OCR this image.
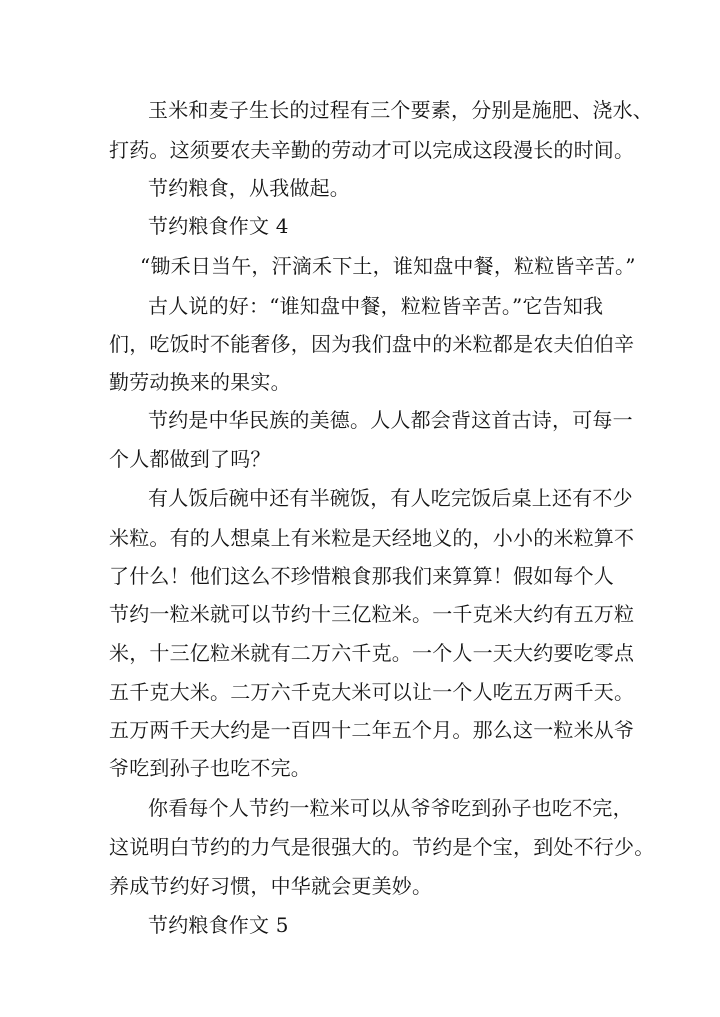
玉米和麦子生长的过程有三个要素，分别是施肥、浇水、
打药。这须要农夫辛勤的劳动才可以完成这段漫长的时间。
节约粮食，从我做起。
节约粮食作文 4
“锄禾日当午，汗滴禾下土，谁知盘中餐，粒粒皆辛苦。”
古人说的好：“谁知盘中餐，粒粒皆辛苦。”它告知我
们，吃饭时不能奢侈，因为我们盘中的米粒都是农夫伯伯辛
勤劳动换来的果实。
节约是中华民族的美德。人人都会背这首古诗，可每一
个人都做到了吗？
有人饭后碗中还有半碗饭，有人吃完饭后桌上还有不少
米粒。有的人想桌上有米粒是天经地义的，小小的米粒算不
了什么！他们这么不珍惜粮食那我们来算算！假如每个人
节约一粒米就可以节约十三亿粒米。一千克米大约有五万粒
米，十三亿粒米就有二万六千克。一个人一天大约要吃零点
五千克大米。二万六千克大米可以让一个人吃五万两千天。
五万两千天大约是一百四十二年五个月。那么这一粒米从爷
爷吃到孙子也吃不完。
你看每个人节约一粒米可以从爷爷吃到孙子也吃不完，
这说明白节约的力气是很强大的。节约是个宝，到处不行少。
养成节约好习惯，中华就会更美妙。
节约粮食作文 5
